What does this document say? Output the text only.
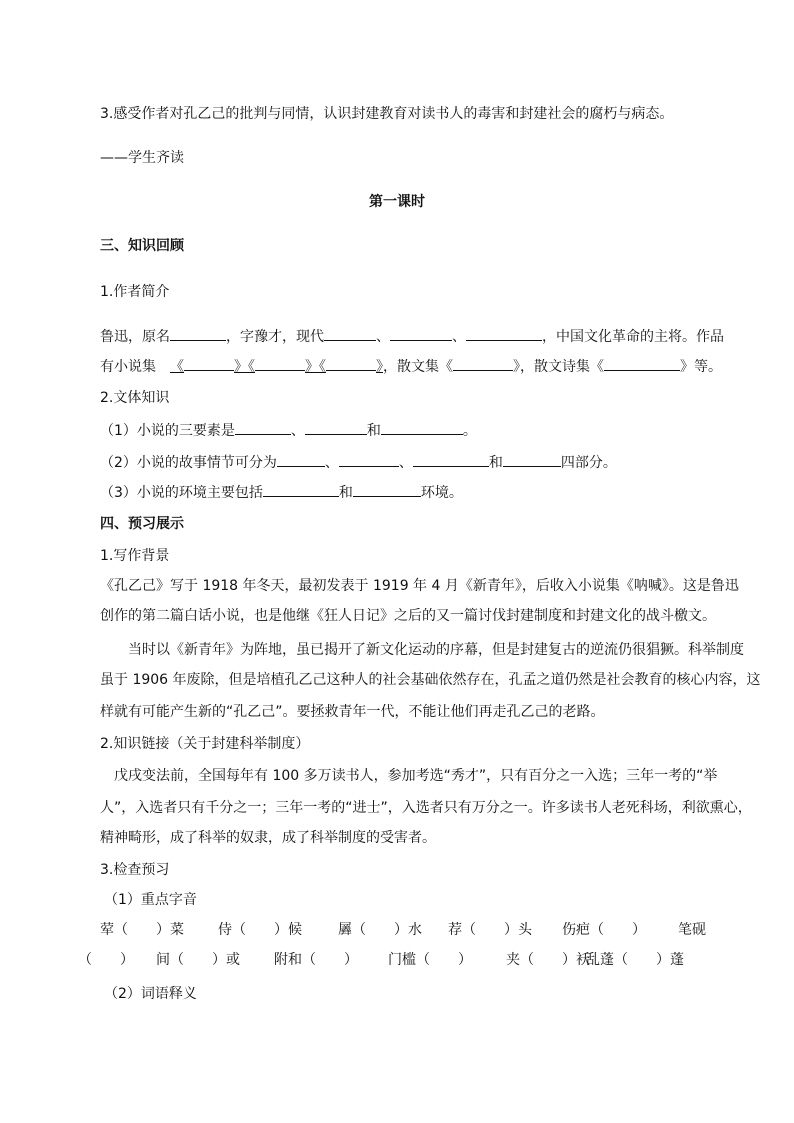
3.感受作者对孔乙己的批判与同情，认识封建教育对读书人的毒害和封建社会的腐朽与病态。
——学生齐读
第一课时
三、知识回顾
1.作者简介
鲁迅，原名	，字豫才，现代	、	、	，中国文化革命的主将。作品
有小说集 《	》《	》《	》，散文集《	》，散文诗集《	》等。
2.文体知识
（1）小说的三要素是	、	和	。
（2）小说的故事情节可分为	、	、	和	四部分。
（3）小说的环境主要包括	和	环境。
四、预习展示
1.写作背景
《孔乙己》写于 1918 年冬天，最初发表于 1919 年 4 月《新青年》，后收入小说集《呐喊》。这是鲁迅
创作的第二篇白话小说，也是他继《狂人日记》之后的又一篇讨伐封建制度和封建文化的战斗檄文。
当时以《新青年》为阵地，虽已揭开了新文化运动的序幕，但是封建复古的逆流仍很猖獗。科举制度
虽于 1906 年废除，但是培植孔乙己这种人的社会基础依然存在，孔孟之道仍然是社会教育的核心内容，这
样就有可能产生新的“孔乙己”。要拯救青年一代，不能让他们再走孔乙己的老路。
2.知识链接（关于封建科举制度）
戊戌变法前，全国每年有 100 多万读书人，参加考选“秀才”，只有百分之一入选；三年一考的“举
人”，入选者只有千分之一；三年一考的“进士”，入选者只有万分之一。许多读书人老死科场，利欲熏心，
精神畸形，成了科举的奴隶，成了科举制度的受害者。
3.检查预习
（1）重点字音
荤（　　）菜 侍（　　）候	羼（　　）水 荐（　　）头 伤疤（　　） 笔砚
（　　） 间（　　）或 附和（　　） 门槛（　　） 夹（　　）袄
乱蓬（　　）蓬
（2）词语释义
